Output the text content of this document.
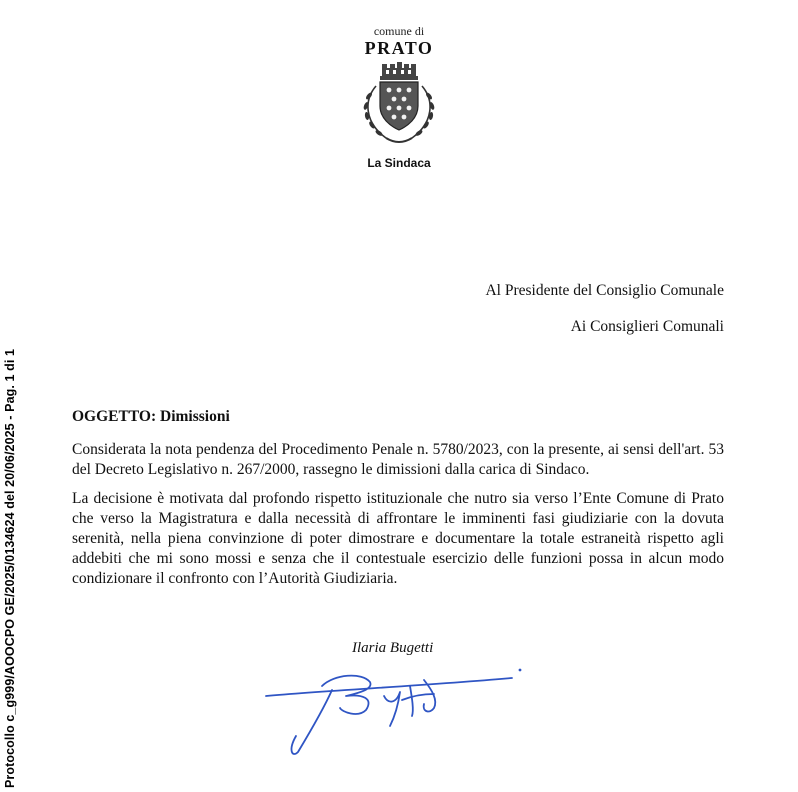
Protocollo c_g999/AOOCPO GE/2025/0134624 del 20/06/2025 - Pag. 1 di 1
comune di
PRATO
La Sindaca
Al Presidente del Consiglio Comunale
Ai Consiglieri Comunali
OGGETTO: Dimissioni
Considerata la nota pendenza del Procedimento Penale n. 5780/2023, con la presente, ai sensi dell'art. 53 del Decreto Legislativo n. 267/2000, rassegno le dimissioni dalla carica di Sindaco.
La decisione è motivata dal profondo rispetto istituzionale che nutro sia verso l’Ente Comune di Prato che verso la Magistratura e dalla necessità di affrontare le imminenti fasi giudiziarie con la dovuta serenità, nella piena convinzione di poter dimostrare e documentare la totale estraneità rispetto agli addebiti che mi sono mossi e senza che il contestuale esercizio delle funzioni possa in alcun modo condizionare il confronto con l’Autorità Giudiziaria.
Ilaria Bugetti
